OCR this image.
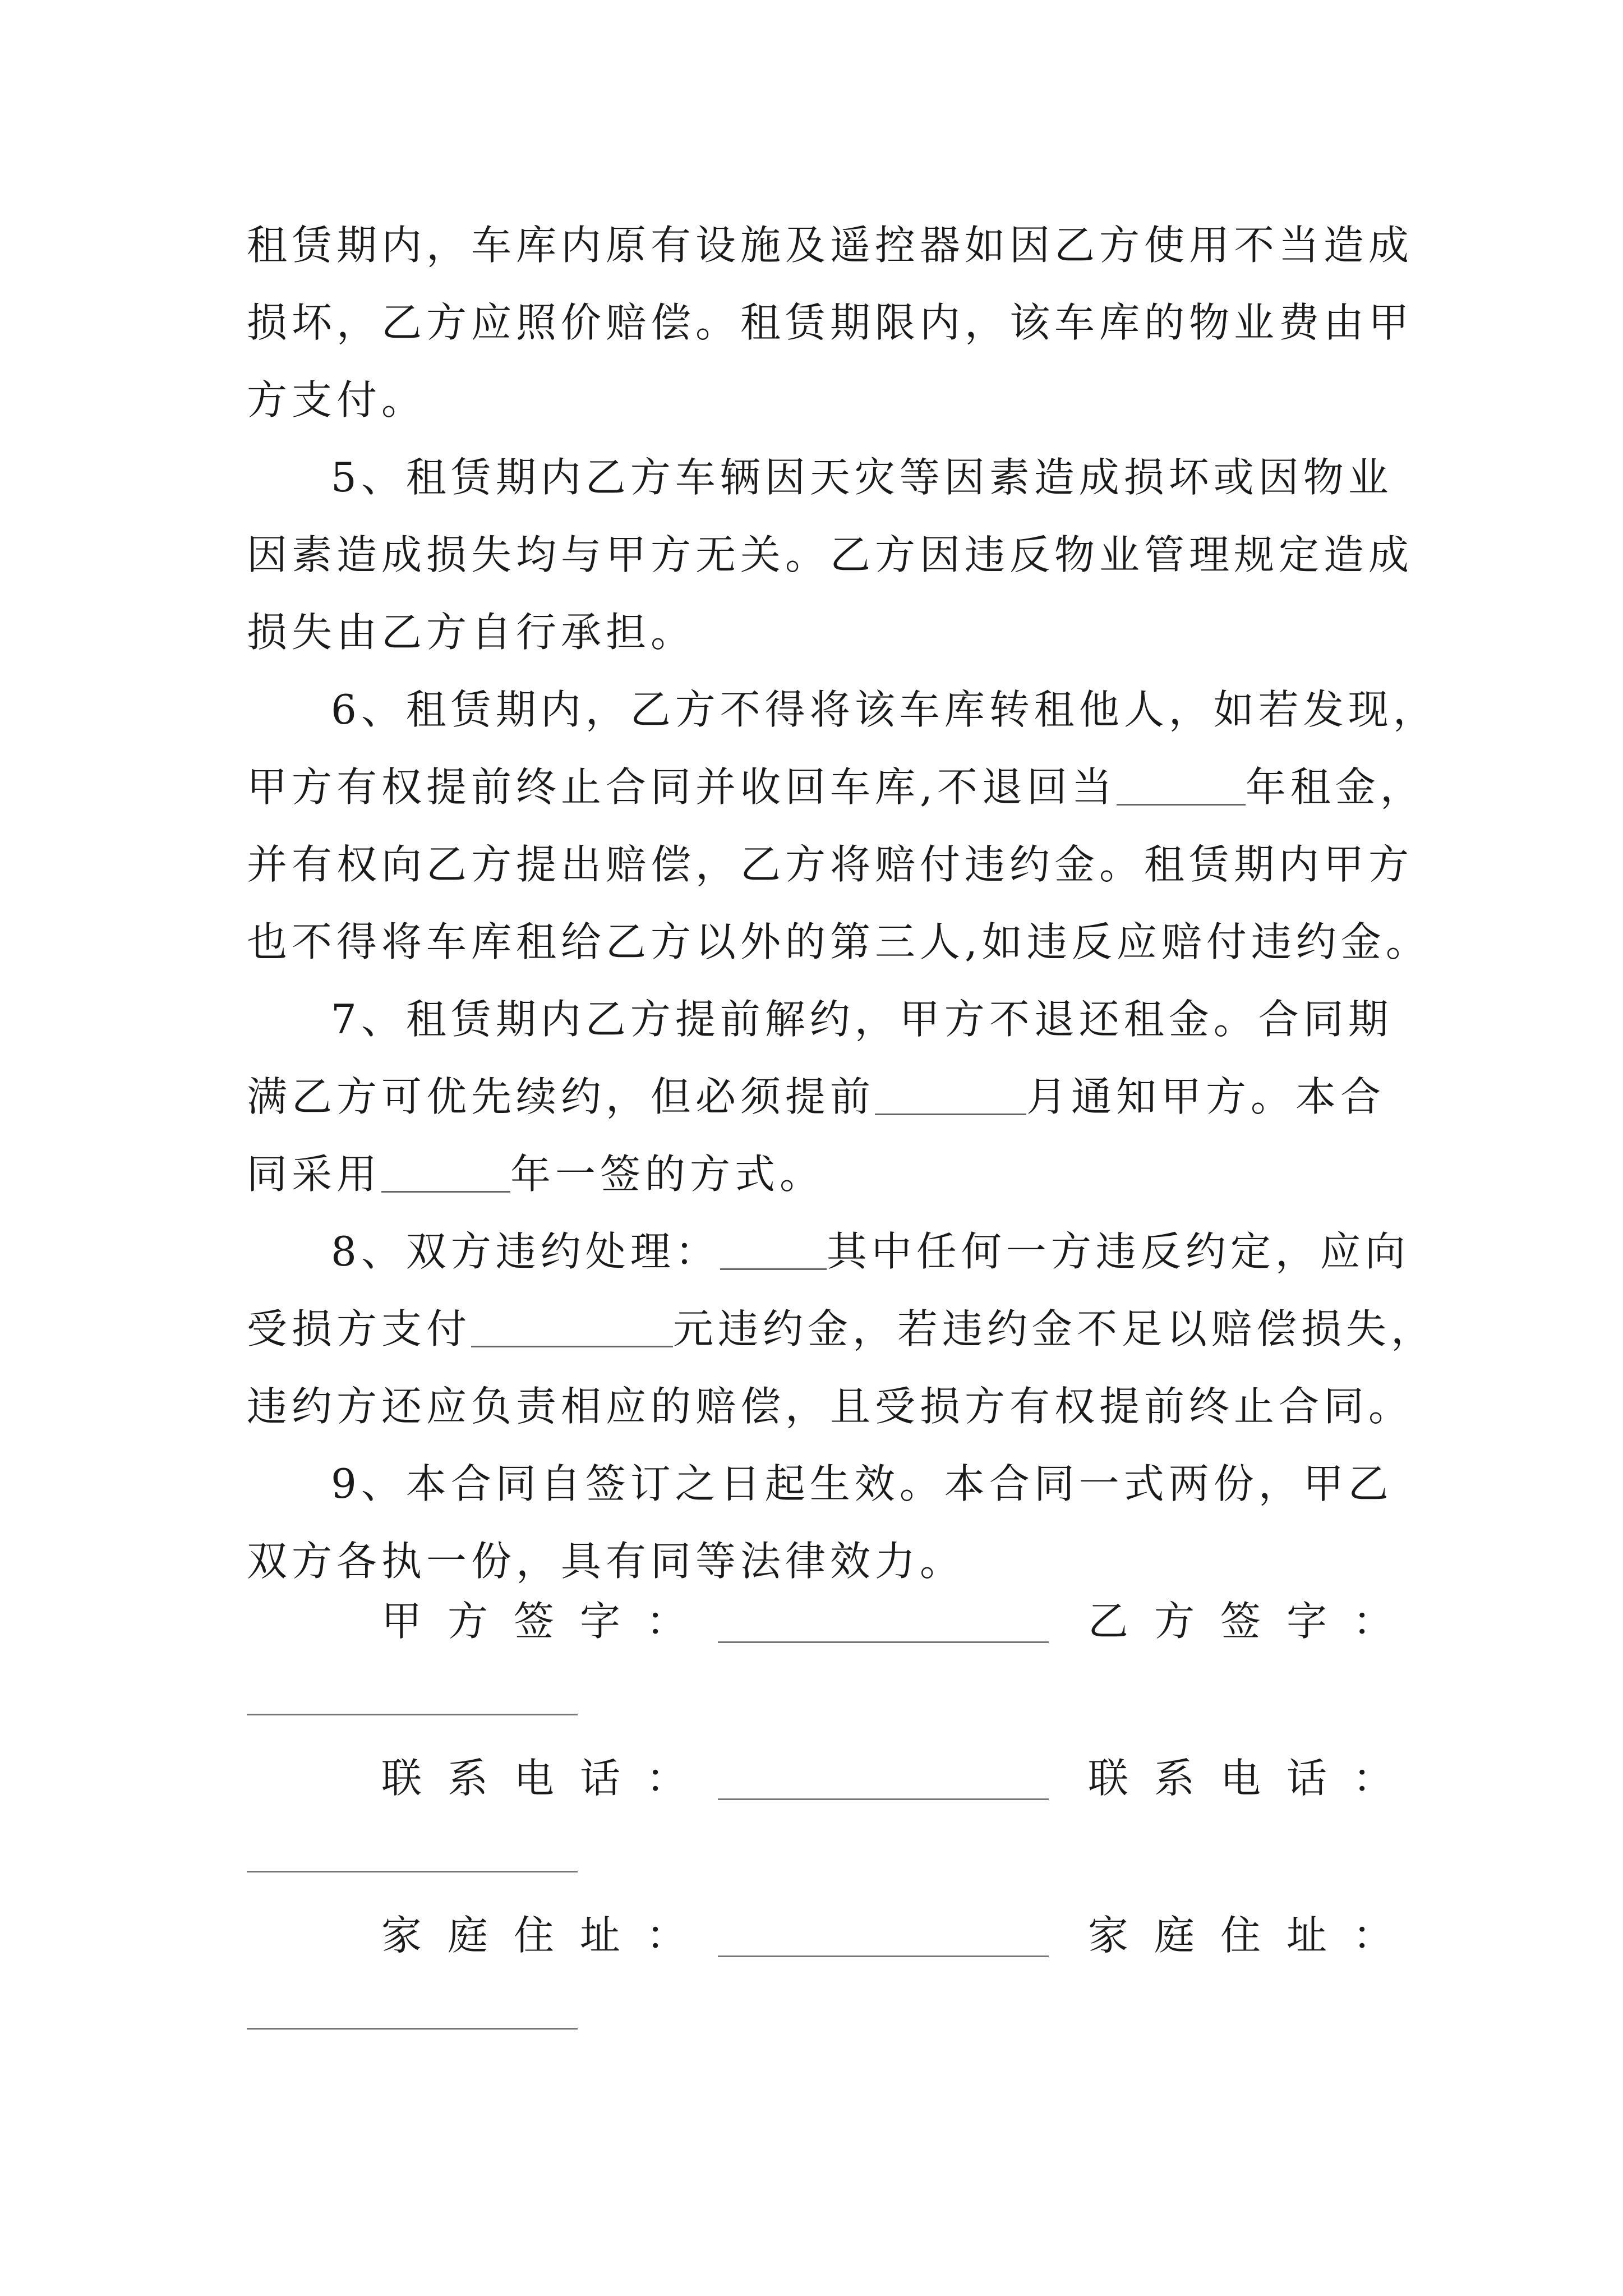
租赁期内，车库内原有设施及遥控器如因乙方使用不当造成
损坏，乙方应照价赔偿。租赁期限内，该车库的物业费由甲
方支付。
5、租赁期内乙方车辆因天灾等因素造成损坏或因物业
因素造成损失均与甲方无关。乙方因违反物业管理规定造成
损失由乙方自行承担。
6、租赁期内，乙方不得将该车库转租他人，如若发现，
甲方有权提前终止合同并收回车库,不退回当	年租金，
并有权向乙方提出赔偿，乙方将赔付违约金。租赁期内甲方
也不得将车库租给乙方以外的第三人,如违反应赔付违约金。
7、租赁期内乙方提前解约，甲方不退还租金。合同期
满乙方可优先续约，但必须提前	月通知甲方。本合
同采用	年一签的方式。
8、双方违约处理：	其中任何一方违反约定，应向
受损方支付	元违约金，若违约金不足以赔偿损失，
违约方还应负责相应的赔偿，且受损方有权提前终止合同。
9、本合同自签订之日起生效。本合同一式两份，甲乙
双方各执一份，具有同等法律效力。
甲方签字：	乙方签字：
联系电话：	联系电话：
家庭住址：	家庭住址：
